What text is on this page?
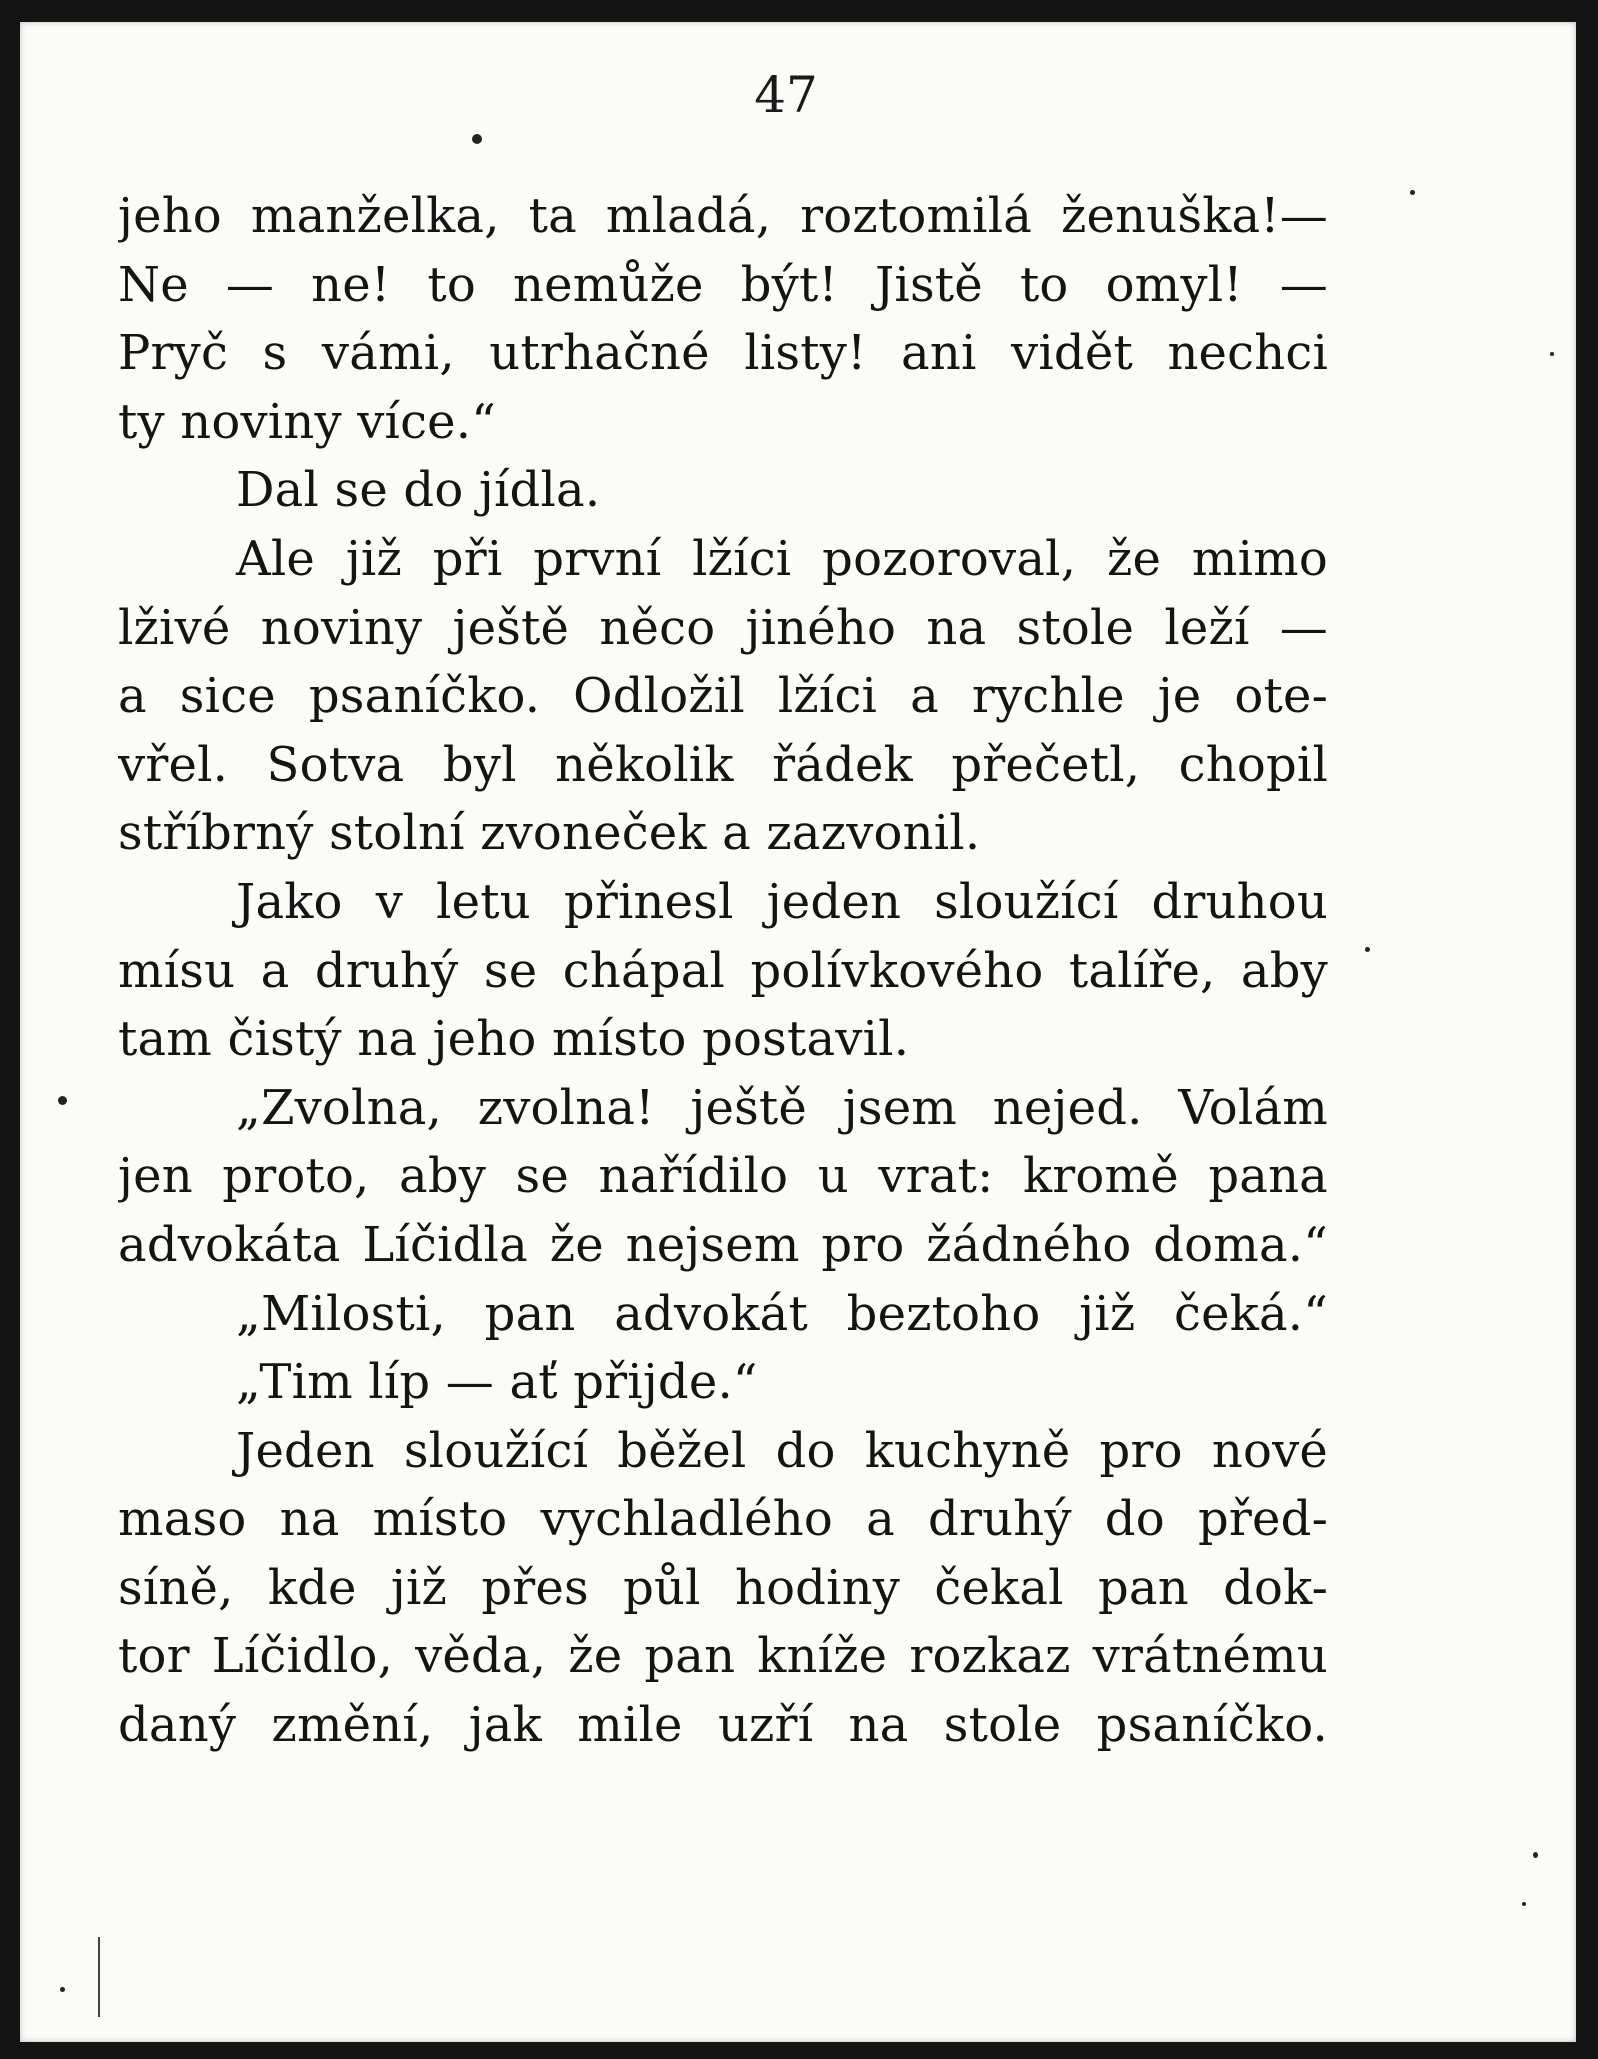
47
jeho manželka, ta mladá, roztomilá ženuška!—
Ne — ne! to nemůže být! Jistě to omyl! —
Pryč s vámi, utrhačné listy! ani vidět nechci
ty noviny více.“
Dal se do jídla.
Ale již při první lžíci pozoroval, že mimo
lživé noviny ještě něco jiného na stole leží —
a sice psaníčko. Odložil lžíci a rychle je ote-
vřel. Sotva byl několik řádek přečetl, chopil
stříbrný stolní zvoneček a zazvonil.
Jako v letu přinesl jeden sloužící druhou
mísu a druhý se chápal polívkového talíře, aby
tam čistý na jeho místo postavil.
„Zvolna, zvolna! ještě jsem nejed. Volám
jen proto, aby se nařídilo u vrat: kromě pana
advokáta Líčidla že nejsem pro žádného doma.“
„Milosti, pan advokát beztoho již čeká.“
„Tim líp — ať přijde.“
Jeden sloužící běžel do kuchyně pro nové
maso na místo vychladlého a druhý do před-
síně, kde již přes půl hodiny čekal pan dok-
tor Líčidlo, věda, že pan kníže rozkaz vrátnému
daný změní, jak mile uzří na stole psaníčko.
